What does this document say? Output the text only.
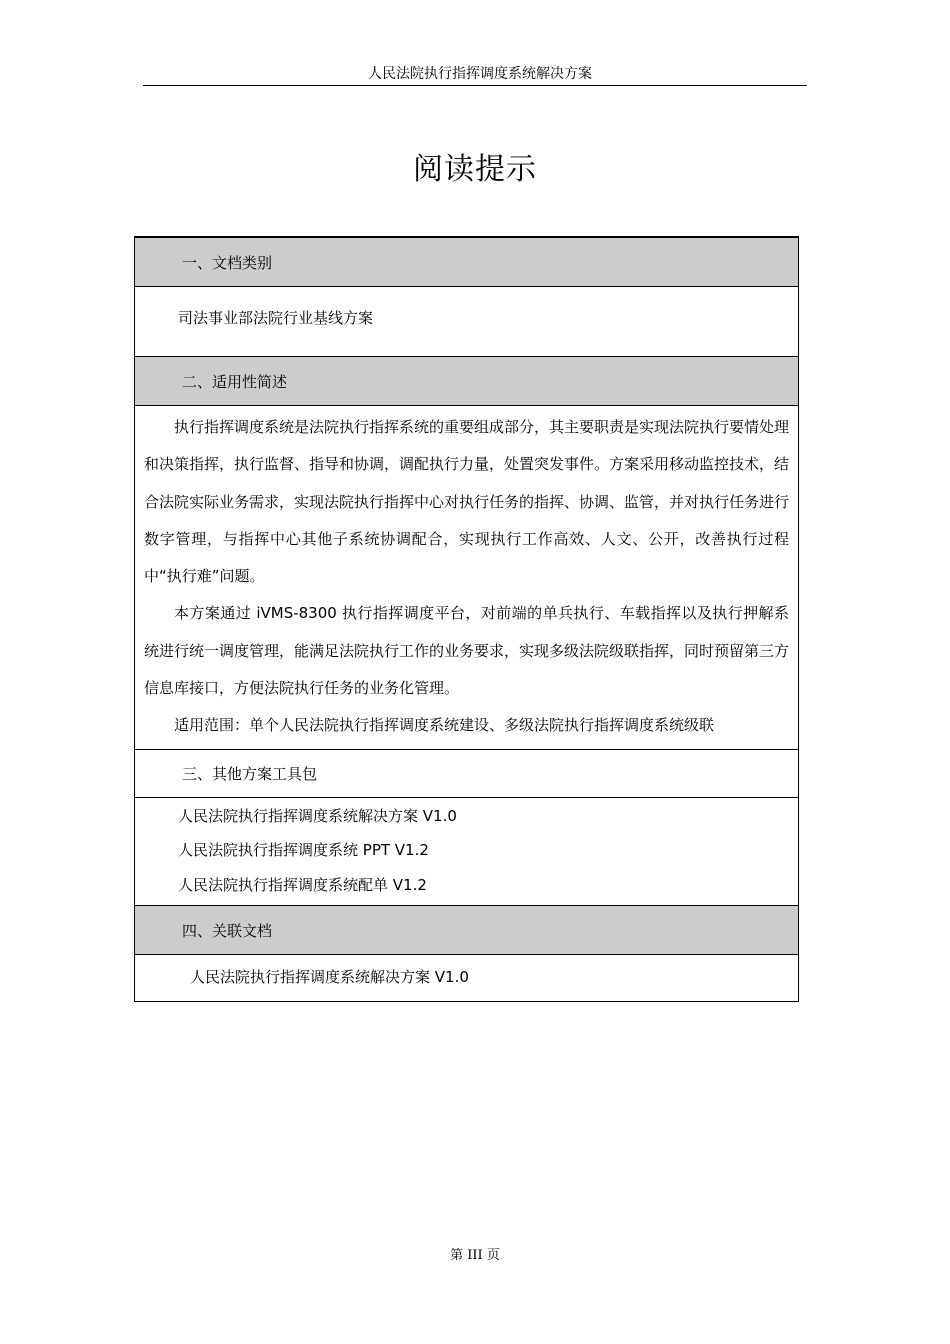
人民法院执行指挥调度系统解决方案
阅读提示
一、文档类别
司法事业部法院行业基线方案
二、适用性简述

执行指挥调度系统是法院执行指挥系统的重要组成部分，其主要职责是实现法院执行要情处理和决策指挥，执行监督、指导和协调，调配执行力量，处置突发事件。方案采用移动监控技术，结合法院实际业务需求，实现法院执行指挥中心对执行任务的指挥、协调、监管，并对执行任务进行数字管理，与指挥中心其他子系统协调配合，实现执行工作高效、人文、公开，改善执行过程中“执行难”问题。

本方案通过 iVMS-8300 执行指挥调度平台，对前端的单兵执行、车载指挥以及执行押解系统进行统一调度管理，能满足法院执行工作的业务要求，实现多级法院级联指挥，同时预留第三方信息库接口，方便法院执行任务的业务化管理。

适用范围：单个人民法院执行指挥调度系统建设、多级法院执行指挥调度系统级联

三、其他方案工具包
人民法院执行指挥调度系统解决方案 V1.0
人民法院执行指挥调度系统 PPT V1.2
人民法院执行指挥调度系统配单 V1.2
四、关联文档
人民法院执行指挥调度系统解决方案 V1.0
第 III 页
